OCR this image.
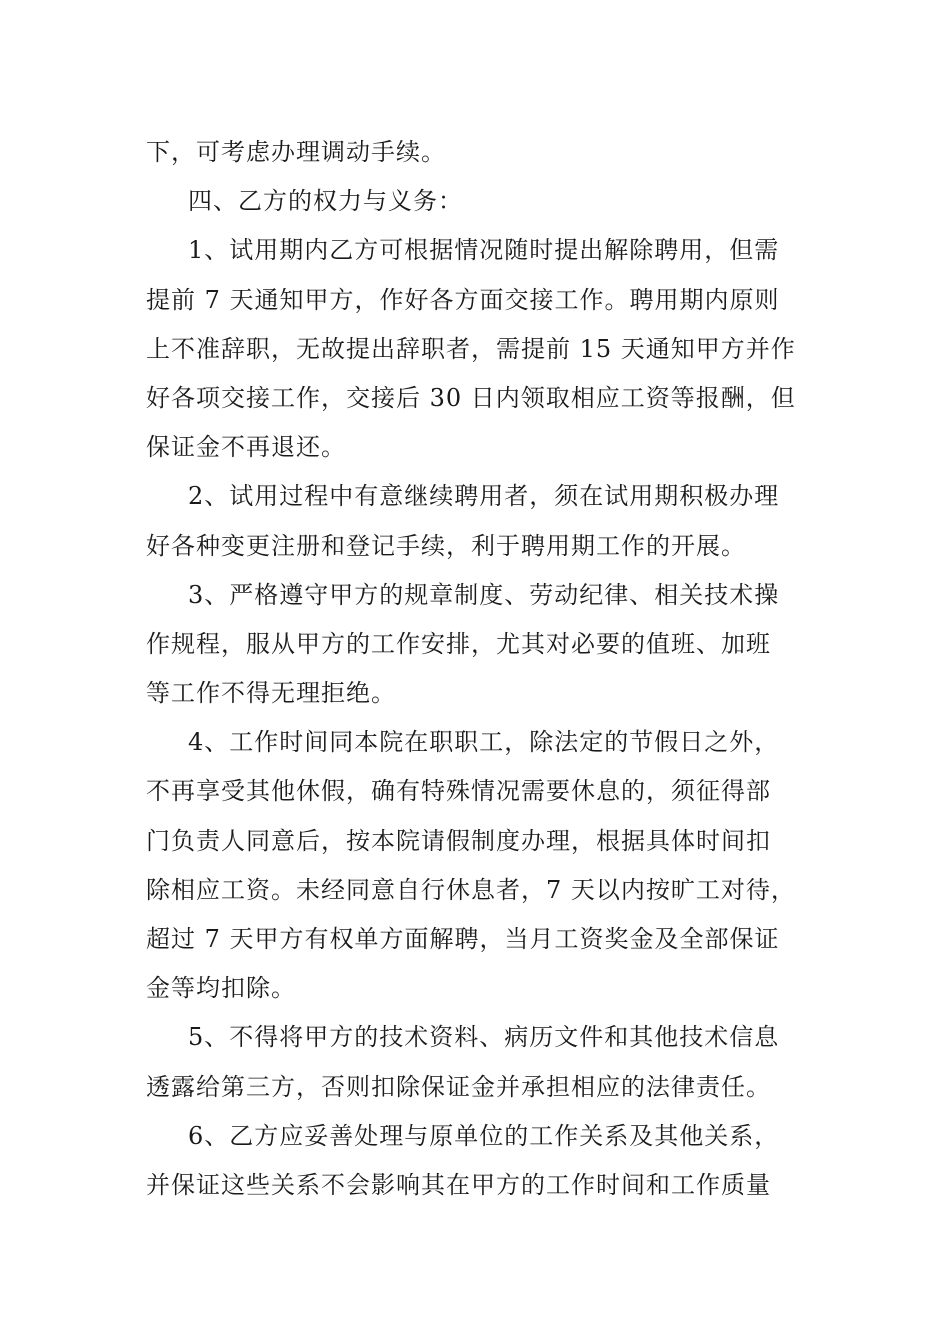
下，可考虑办理调动手续。
四、乙方的权力与义务：
1、试用期内乙方可根据情况随时提出解除聘用，但需
提前 7 天通知甲方，作好各方面交接工作。聘用期内原则
上不准辞职，无故提出辞职者，需提前 15 天通知甲方并作
好各项交接工作，交接后 30 日内领取相应工资等报酬，但
保证金不再退还。
2、试用过程中有意继续聘用者，须在试用期积极办理
好各种变更注册和登记手续，利于聘用期工作的开展。
3、严格遵守甲方的规章制度、劳动纪律、相关技术操
作规程，服从甲方的工作安排，尤其对必要的值班、加班
等工作不得无理拒绝。
4、工作时间同本院在职职工，除法定的节假日之外，
不再享受其他休假，确有特殊情况需要休息的，须征得部
门负责人同意后，按本院请假制度办理，根据具体时间扣
除相应工资。未经同意自行休息者，7 天以内按旷工对待，
超过 7 天甲方有权单方面解聘，当月工资奖金及全部保证
金等均扣除。
5、不得将甲方的技术资料、病历文件和其他技术信息
透露给第三方，否则扣除保证金并承担相应的法律责任。
6、乙方应妥善处理与原单位的工作关系及其他关系，
并保证这些关系不会影响其在甲方的工作时间和工作质量
